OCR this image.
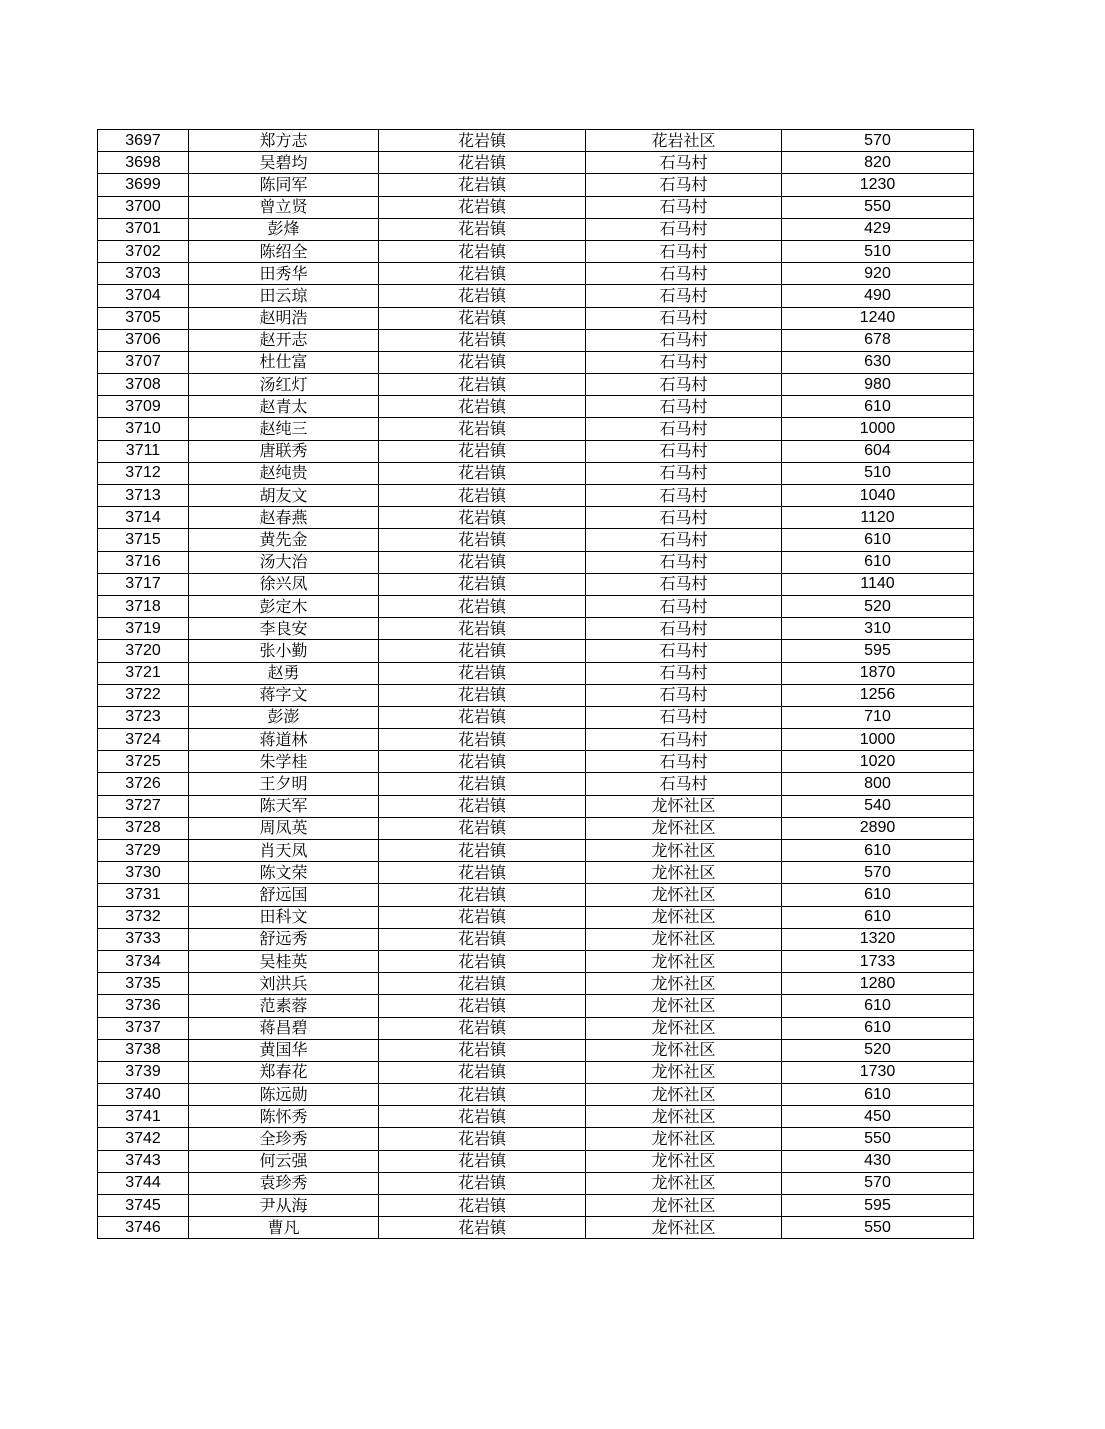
3697	郑方志	花岩镇	花岩社区	570
3698	吴碧均	花岩镇	石马村	820
3699	陈同军	花岩镇	石马村	1230
3700	曾立贤	花岩镇	石马村	550
3701	彭烽	花岩镇	石马村	429
3702	陈绍全	花岩镇	石马村	510
3703	田秀华	花岩镇	石马村	920
3704	田云琼	花岩镇	石马村	490
3705	赵明浩	花岩镇	石马村	1240
3706	赵开志	花岩镇	石马村	678
3707	杜仕富	花岩镇	石马村	630
3708	汤红灯	花岩镇	石马村	980
3709	赵青太	花岩镇	石马村	610
3710	赵纯三	花岩镇	石马村	1000
3711	唐联秀	花岩镇	石马村	604
3712	赵纯贵	花岩镇	石马村	510
3713	胡友文	花岩镇	石马村	1040
3714	赵春燕	花岩镇	石马村	1120
3715	黄先金	花岩镇	石马村	610
3716	汤大治	花岩镇	石马村	610
3717	徐兴凤	花岩镇	石马村	1140
3718	彭定木	花岩镇	石马村	520
3719	李良安	花岩镇	石马村	310
3720	张小勤	花岩镇	石马村	595
3721	赵勇	花岩镇	石马村	1870
3722	蒋字文	花岩镇	石马村	1256
3723	彭澎	花岩镇	石马村	710
3724	蒋道林	花岩镇	石马村	1000
3725	朱学桂	花岩镇	石马村	1020
3726	王夕明	花岩镇	石马村	800
3727	陈天军	花岩镇	龙怀社区	540
3728	周凤英	花岩镇	龙怀社区	2890
3729	肖天凤	花岩镇	龙怀社区	610
3730	陈文荣	花岩镇	龙怀社区	570
3731	舒远国	花岩镇	龙怀社区	610
3732	田科文	花岩镇	龙怀社区	610
3733	舒远秀	花岩镇	龙怀社区	1320
3734	吴桂英	花岩镇	龙怀社区	1733
3735	刘洪兵	花岩镇	龙怀社区	1280
3736	范素蓉	花岩镇	龙怀社区	610
3737	蒋昌碧	花岩镇	龙怀社区	610
3738	黄国华	花岩镇	龙怀社区	520
3739	郑春花	花岩镇	龙怀社区	1730
3740	陈远勋	花岩镇	龙怀社区	610
3741	陈怀秀	花岩镇	龙怀社区	450
3742	全珍秀	花岩镇	龙怀社区	550
3743	何云强	花岩镇	龙怀社区	430
3744	袁珍秀	花岩镇	龙怀社区	570
3745	尹从海	花岩镇	龙怀社区	595
3746	曹凡	花岩镇	龙怀社区	550
